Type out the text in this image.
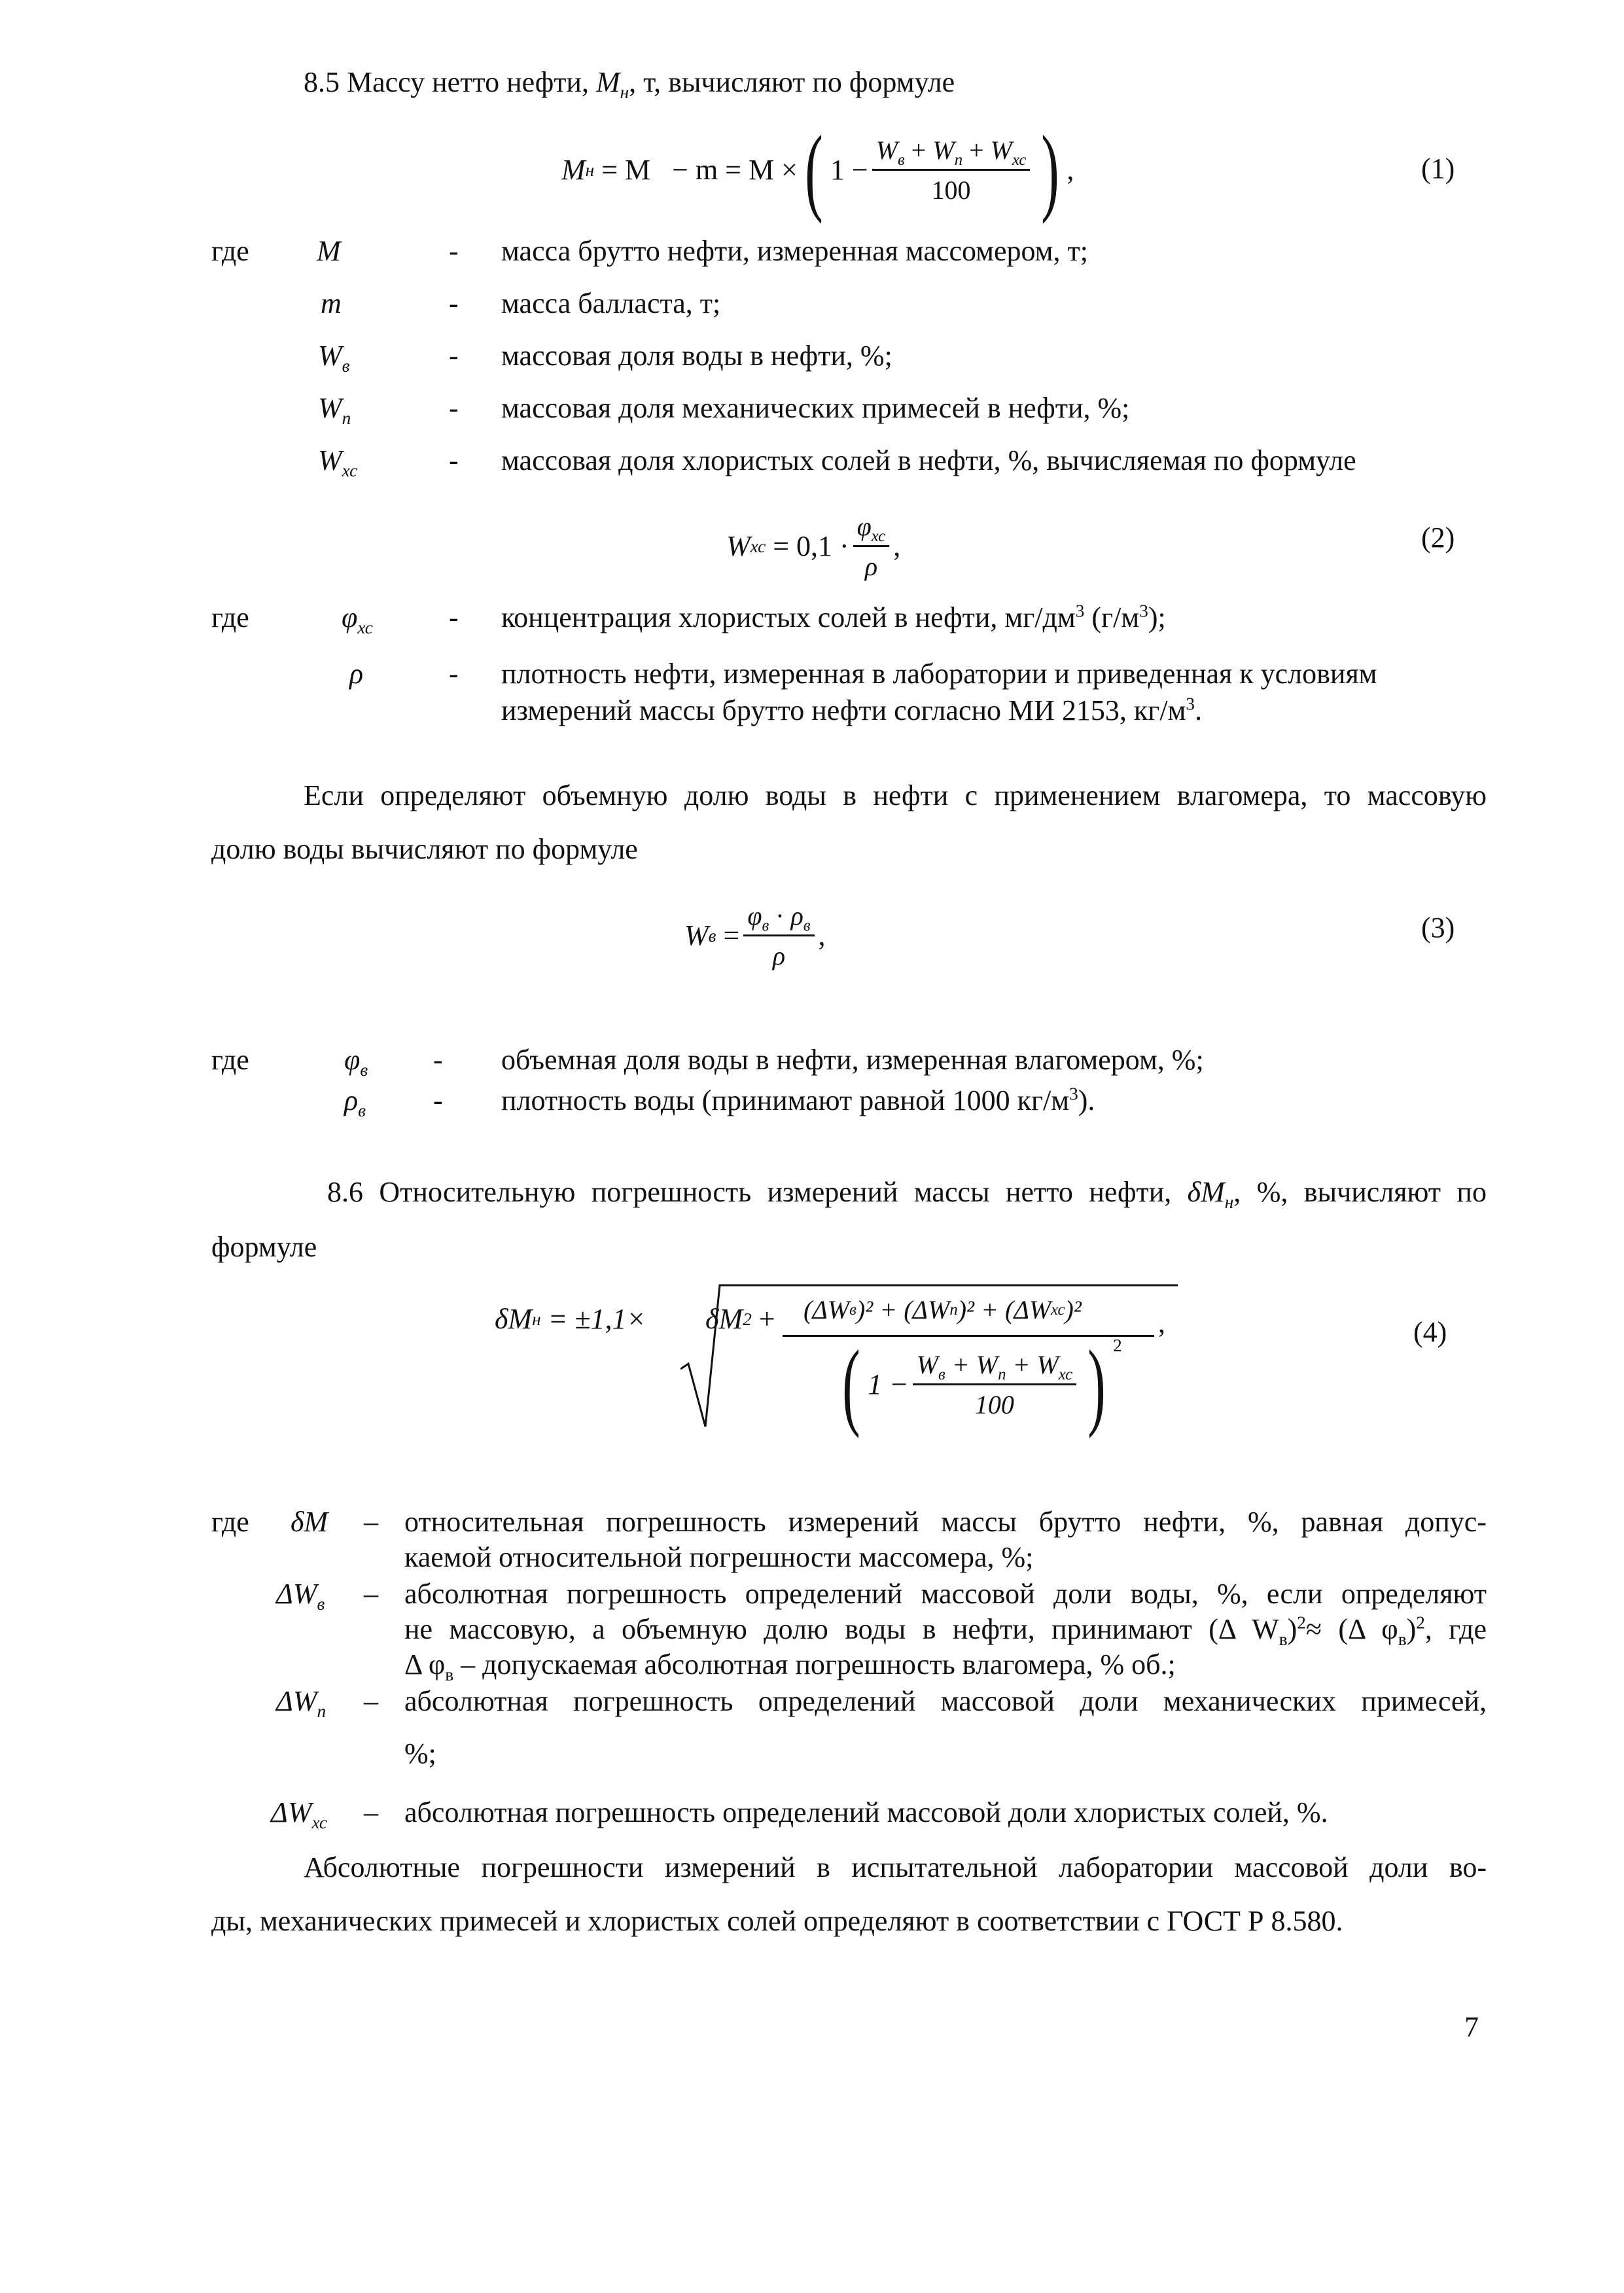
8.5 Массу нетто нефти, $М_н$, т, вычисляют по формуле
M н = M   − m = M × ( $1 - \frac{W_в + W_п + W_{хс}}{100}$ ) ,	(1)
где M	- масса брутто нефти, измеренная массомером, т;
m	- масса балласта, т;
$W_в$	- массовая доля воды в нефти, %;
$W_п$	- массовая доля механических примесей в нефти, %;
$W_{хс}$	- массовая доля хлористых солей в нефти, %, вычисляемая по формуле
W хс = $0,1 \cdot \frac{\varphi_{хс}}{\rho}$ ,	(2)
где	$\varphi_{хс}$	- концентрация хлористых солей в нефти, $мг/дм^3$ $(г/м^3)$;
ρ	- плотность нефти, измеренная в лаборатории и приведенная к условиям
измерений массы брутто нефти согласно МИ 2153, $кг/м^3$.
Если определяют объемную долю воды в нефти с применением влагомера, то массовую
долю воды вычисляют по формуле
W $в = \frac{\varphi_в \cdot \rho_в}{\rho}$ ,	(3)
где	$\varphi_в$ - объемная доля воды в нефти, измеренная влагомером, %;
$\rho_в$ - плотность воды (принимают равной 1000 $кг/м^3$).
8.6 Относительную погрешность измерений массы нетто нефти, $\delta М_н$, %, вычисляют по
формуле
δM н = ±1,1× δM 2 + (ΔW в )² + (ΔW п )² + (ΔW хс )²
( $1 - \frac{W_в + W_п + W_{хс}}{100}$ ) 2
,	(4)
где δM – относительная погрешность измерений массы брутто нефти, %, равная допус-
каемой относительной погрешности массомера, %;
$\Delta W_в$ – абсолютная погрешность определений массовой доли воды, %, если определяют
не массовую, а объемную долю воды в нефти, принимают (Δ $W_в)^2\approx (\Delta$ $\varphi_в)^2$, где
Δ $\varphi_в$ – допускаемая абсолютная погрешность влагомера, % об.;
$\Delta W_п$ – абсолютная погрешность определений массовой доли механических примесей,
%;
$\Delta W_{хс}$ – абсолютная погрешность определений массовой доли хлористых солей, %.
Абсолютные погрешности измерений в испытательной лаборатории массовой доли во-
ды, механических примесей и хлористых солей определяют в соответствии с ГОСТ Р 8.580.
7
